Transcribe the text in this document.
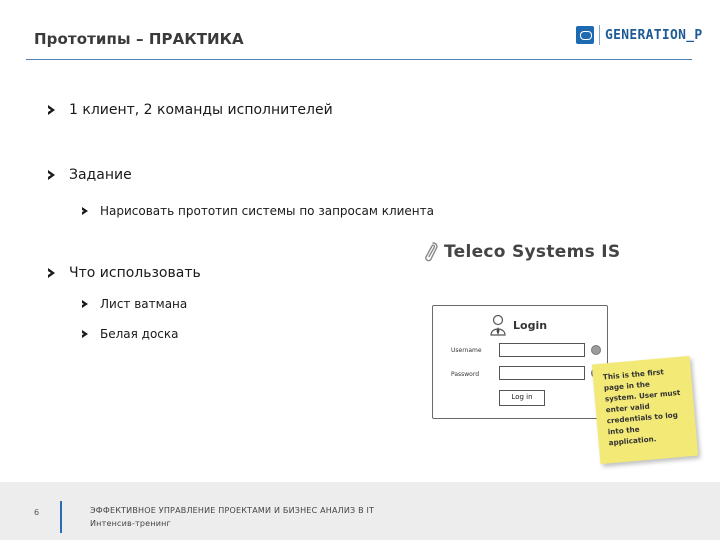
Прототипы – ПРАКТИКА	GENERATION_P
1 клиент, 2 команды исполнителей
Задание
Нарисовать прототип системы по запросам клиента
Что использовать
Лист ватмана
Белая доска
Teleco Systems IS
Login
Username
Password
Log in

This is the first page in the system. User must enter valid credentials to log into the application.

6	ЭФФЕКТИВНОЕ УПРАВЛЕНИЕ ПРОЕКТАМИ И БИЗНЕС АНАЛИЗ В IT
Интенсив-тренинг
